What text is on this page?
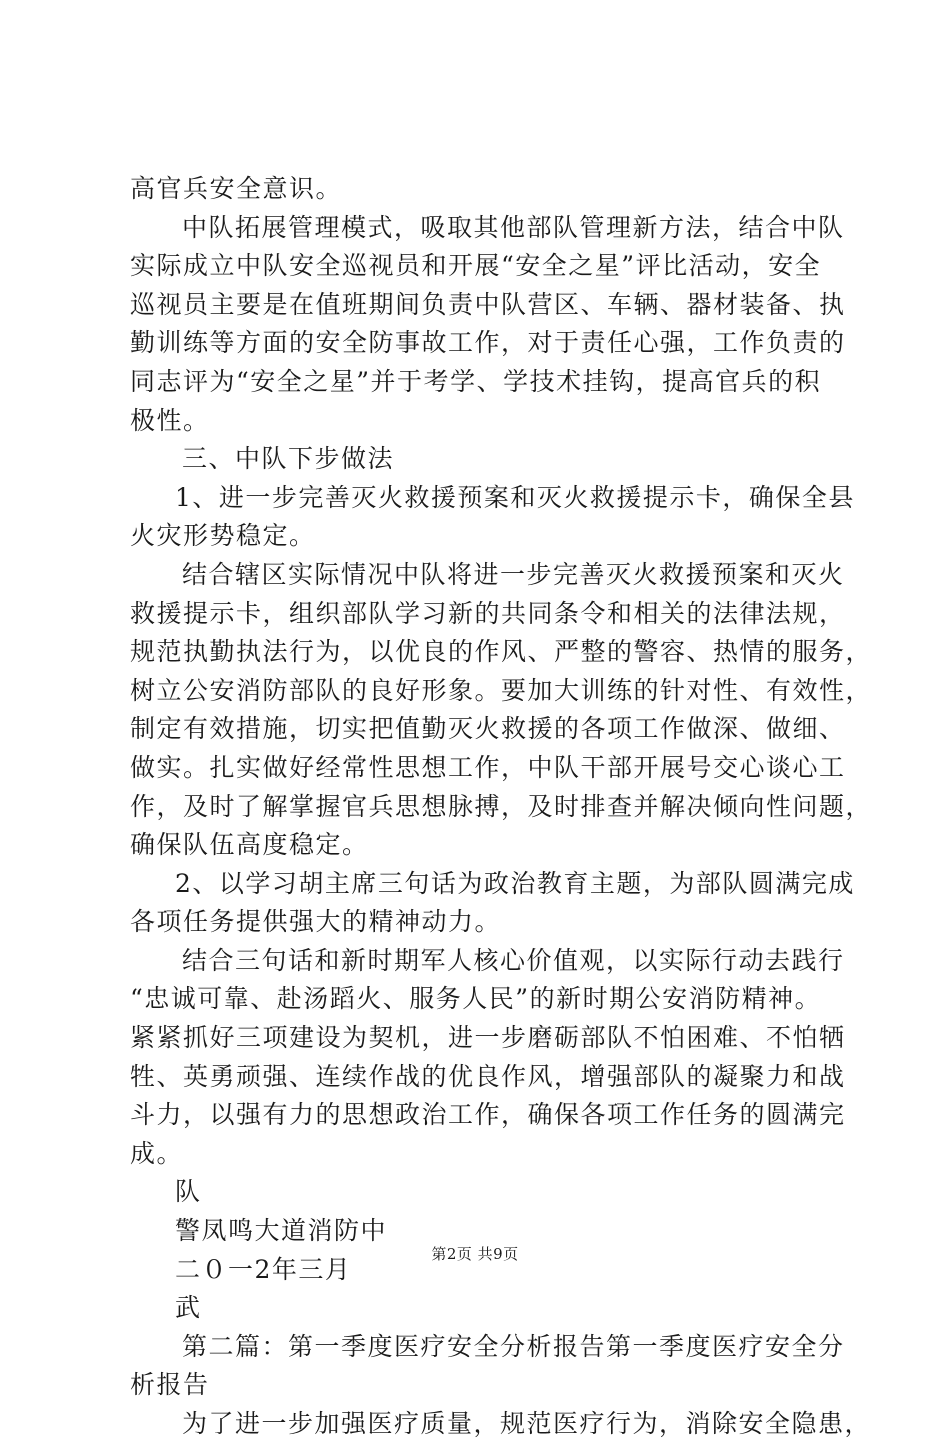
高官兵安全意识。
中队拓展管理模式，吸取其他部队管理新方法，结合中队
实际成立中队安全巡视员和开展“安全之星”评比活动，安全
巡视员主要是在值班期间负责中队营区、车辆、器材装备、执
勤训练等方面的安全防事故工作，对于责任心强，工作负责的
同志评为“安全之星”并于考学、学技术挂钩，提高官兵的积
极性。
三、中队下步做法
1、进一步完善灭火救援预案和灭火救援提示卡，确保全县
火灾形势稳定。
结合辖区实际情况中队将进一步完善灭火救援预案和灭火
救援提示卡，组织部队学习新的共同条令和相关的法律法规，
规范执勤执法行为，以优良的作风、严整的警容、热情的服务，
树立公安消防部队的良好形象。要加大训练的针对性、有效性，
制定有效措施，切实把值勤灭火救援的各项工作做深、做细、
做实。扎实做好经常性思想工作，中队干部开展号交心谈心工
作，及时了解掌握官兵思想脉搏，及时排查并解决倾向性问题，
确保队伍高度稳定。
2、以学习胡主席三句话为政治教育主题，为部队圆满完成
各项任务提供强大的精神动力。
结合三句话和新时期军人核心价值观，以实际行动去践行
“忠诚可靠、赴汤蹈火、服务人民”的新时期公安消防精神。
紧紧抓好三项建设为契机，进一步磨砺部队不怕困难、不怕牺
牲、英勇顽强、连续作战的优良作风，增强部队的凝聚力和战
斗力，以强有力的思想政治工作，确保各项工作任务的圆满完
成。
队
警凤鸣大道消防中
二０一2年三月
武
第二篇：第一季度医疗安全分析报告第一季度医疗安全分
析报告
为了进一步加强医疗质量，规范医疗行为，消除安全隐患，
第2页 共9页
